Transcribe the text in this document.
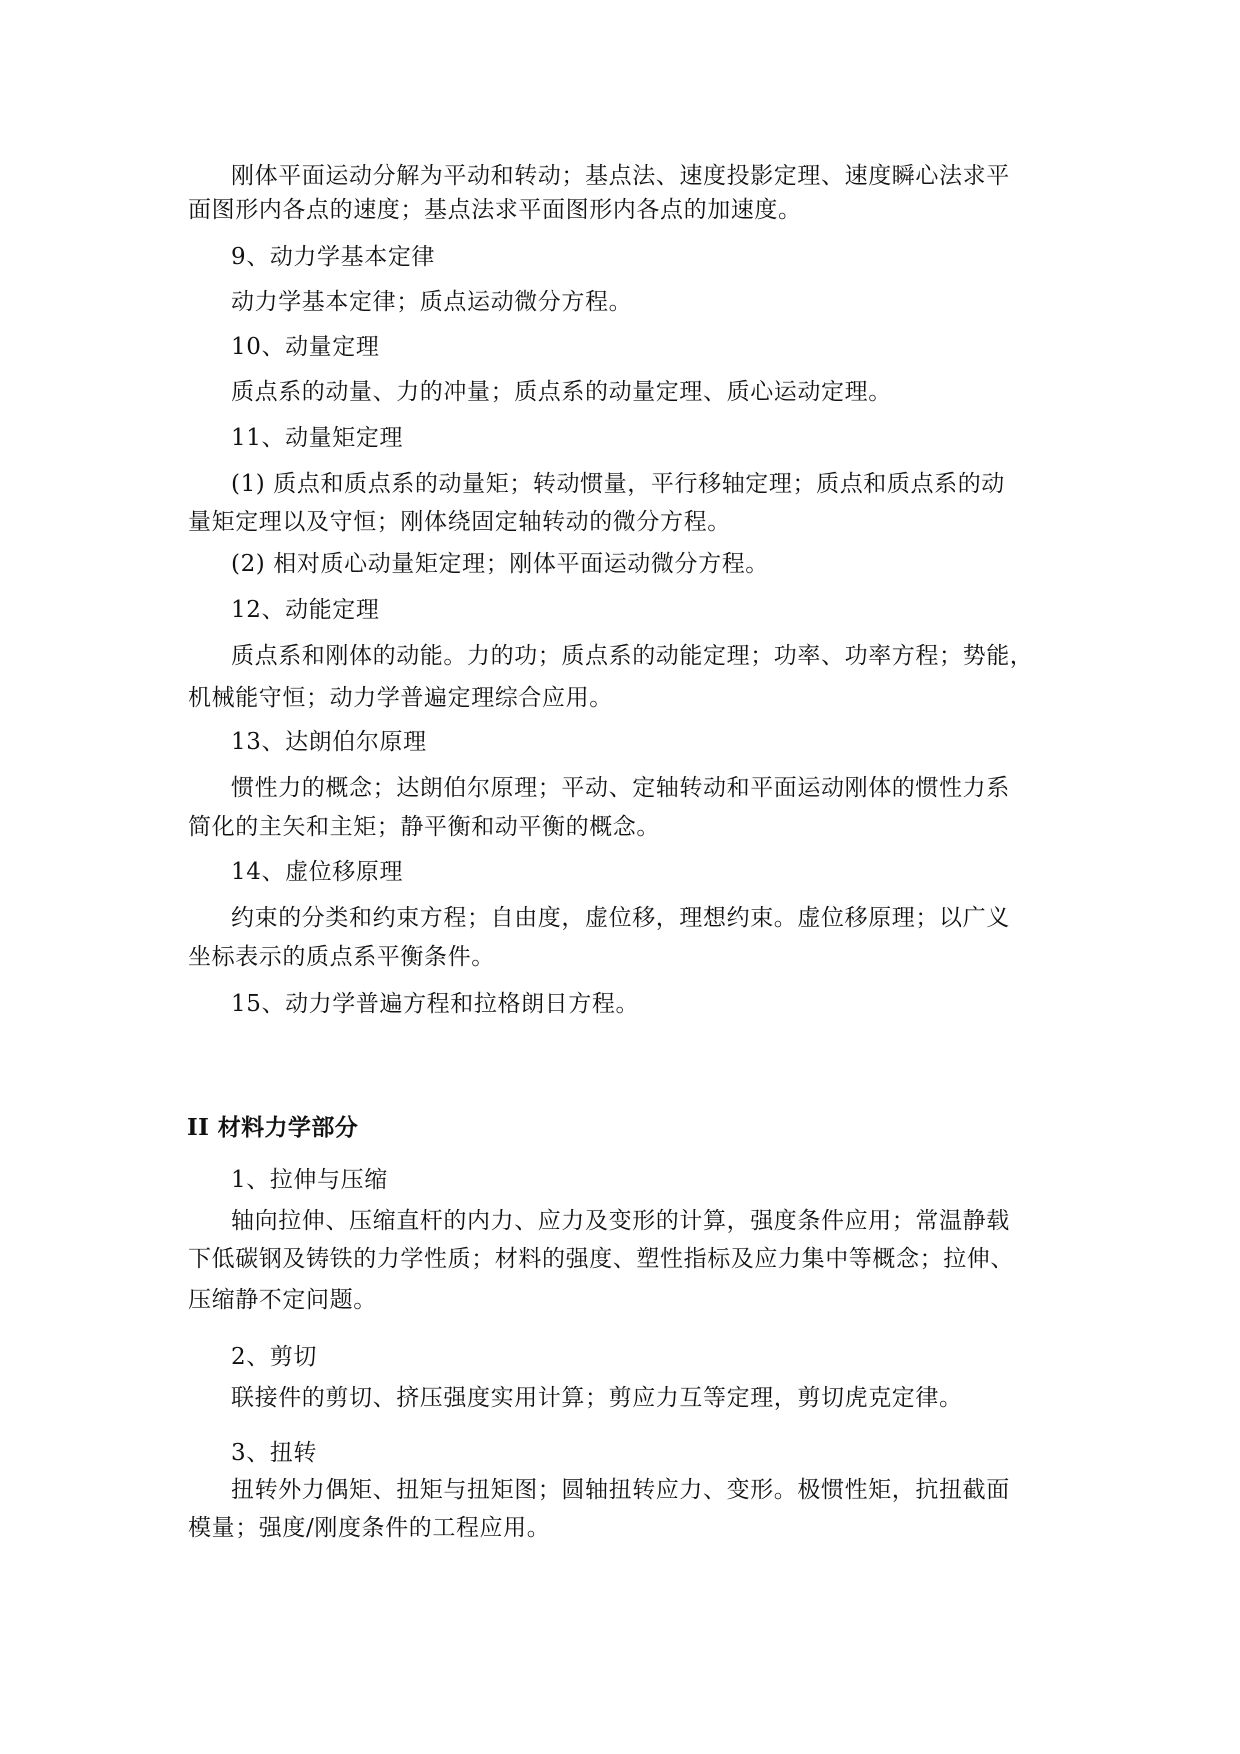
刚体平面运动分解为平动和转动；基点法、速度投影定理、速度瞬心法求平
面图形内各点的速度；基点法求平面图形内各点的加速度。
9、动力学基本定律
动力学基本定律；质点运动微分方程。
10、动量定理
质点系的动量、力的冲量；质点系的动量定理、质心运动定理。
11、动量矩定理
(1) 质点和质点系的动量矩；转动惯量，平行移轴定理；质点和质点系的动
量矩定理以及守恒；刚体绕固定轴转动的微分方程。
(2) 相对质心动量矩定理；刚体平面运动微分方程。
12、动能定理
质点系和刚体的动能。力的功；质点系的动能定理；功率、功率方程；势能，
机械能守恒；动力学普遍定理综合应用。
13、达朗伯尔原理
惯性力的概念；达朗伯尔原理；平动、定轴转动和平面运动刚体的惯性力系
简化的主矢和主矩；静平衡和动平衡的概念。
14、虚位移原理
约束的分类和约束方程；自由度，虚位移，理想约束。虚位移原理；以广义
坐标表示的质点系平衡条件。
15、动力学普遍方程和拉格朗日方程。
II 材料力学部分
1、拉伸与压缩
轴向拉伸、压缩直杆的内力、应力及变形的计算，强度条件应用；常温静载
下低碳钢及铸铁的力学性质；材料的强度、塑性指标及应力集中等概念；拉伸、
压缩静不定问题。
2、剪切
联接件的剪切、挤压强度实用计算；剪应力互等定理，剪切虎克定律。
3、扭转
扭转外力偶矩、扭矩与扭矩图；圆轴扭转应力、变形。极惯性矩，抗扭截面
模量；强度/刚度条件的工程应用。
